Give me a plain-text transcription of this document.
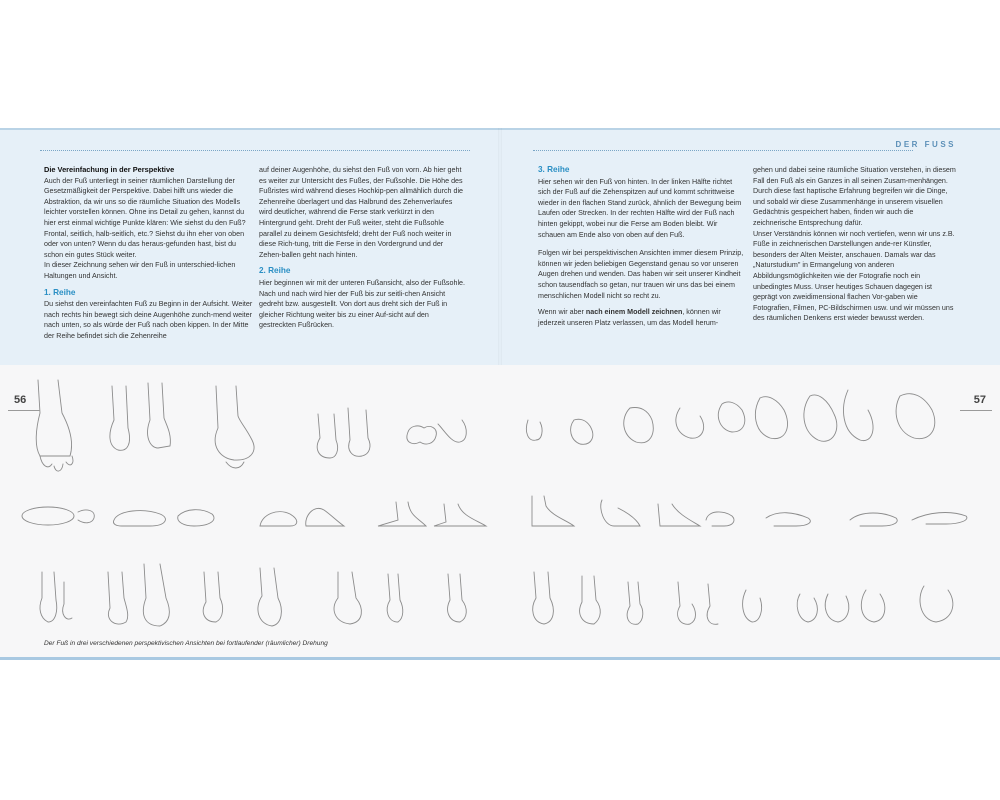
DER FUSS
Die Vereinfachung in der Perspektive

Auch der Fuß unterliegt in seiner räumlichen Darstellung der Gesetzmäßigkeit der Perspektive. Dabei hilft uns wieder die Abstraktion, da wir uns so die räumliche Situation des Modells leichter vorstellen können. Ohne ins Detail zu gehen, kannst du hier erst einmal wichtige Punkte klären: Wie siehst du den Fuß? Frontal, seitlich, halb-seitlich, etc.? Siehst du ihn eher von oben oder von unten? Wenn du das heraus-gefunden hast, bist du schon ein gutes Stück weiter.

In dieser Zeichnung sehen wir den Fuß in unterschied-lichen Haltungen und Ansicht.

1. Reihe

Du siehst den vereinfachten Fuß zu Beginn in der Aufsicht. Weiter nach rechts hin bewegt sich deine Augenhöhe zunch-mend weiter nach unten, so als würde der Fuß nach oben kippen. In der Mitte der Reihe befindet sich die Zehenreihe

auf deiner Augenhöhe, du siehst den Fuß von vorn. Ab hier geht es weiter zur Untersicht des Fußes, der Fußsohle. Die Höhe des Fußristes wird während dieses Hochkip-pen allmählich durch die Zehenreihe überlagert und das Halbrund des Zehenverlaufes wird deutlicher, während die Ferse stark verkürzt in den Hintergrund geht. Dreht der Fuß weiter, steht die Fußsohle parallel zu deinem Gesichtsfeld; dreht der Fuß noch weiter in diese Rich-tung, tritt die Ferse in den Vordergrund und der Zehen-ballen geht nach hinten.

2. Reihe

Hier beginnen wir mit der unteren Fußansicht, also der Fußsohle. Nach und nach wird hier der Fuß bis zur seitli-chen Ansicht gedreht bzw. ausgestellt. Von dort aus dreht sich der Fuß in gleicher Richtung weiter bis zu einer Auf-sicht auf den gestreckten Fußrücken.

3. Reihe

Hier sehen wir den Fuß von hinten. In der linken Hälfte richtet sich der Fuß auf die Zehenspitzen auf und kommt schrittweise wieder in den flachen Stand zurück, ähnlich der Bewegung beim Laufen oder Strecken. In der rechten Hälfte wird der Fuß nach hinten gekippt, wobei nur die Ferse am Boden bleibt. Wir schauen am Ende also von oben auf den Fuß.

Folgen wir bei perspektivischen Ansichten immer diesem Prinzip, können wir jeden beliebigen Gegenstand genau so vor unseren Augen drehen und wenden. Das haben wir seit unserer Kindheit schon tausendfach so getan, nur trauen wir uns das bei einem menschlichen Modell nicht so recht zu.

Wenn wir aber nach einem Modell zeichnen, können wir jederzeit unseren Platz verlassen, um das Modell herum-

gehen und dabei seine räumliche Situation verstehen, in diesem Fall den Fuß als ein Ganzes in all seinen Zusam-menhängen.

Durch diese fast haptische Erfahrung begreifen wir die Dinge, und sobald wir diese Zusammenhänge in unserem visuellen Gedächtnis gespeichert haben, finden wir auch die zeichnerische Entsprechung dafür.

Unser Verständnis können wir noch vertiefen, wenn wir uns z.B. Füße in zeichnerischen Darstellungen ande-rer Künstler, besonders der Alten Meister, anschauen. Damals war das „Naturstudium" in Ermangelung von anderen Abbildungsmöglichkeiten wie der Fotografie noch ein unbedingtes Muss. Unser heutiges Schauen dagegen ist geprägt von zweidimensional flachen Vor-gaben wie Fotografien, Filmen, PC-Bildschirmen usw. und wir müssen uns des räumlichen Denkens erst wieder bewusst werden.

56	57
Der Fuß in drei verschiedenen perspektivischen Ansichten bei fortlaufender (räumlicher) Drehung
